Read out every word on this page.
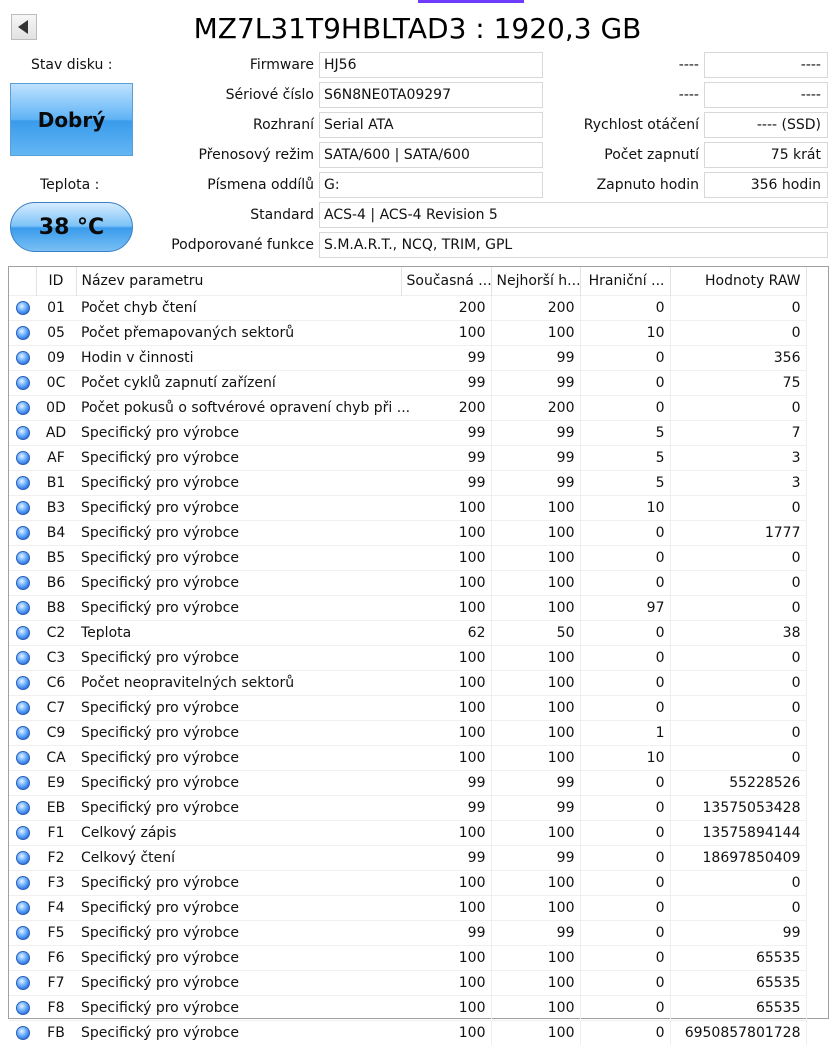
MZ7L31T9HBLTAD3 : 1920,3 GB
Stav disku :
Dobrý
Teplota :
38 °C
Firmware HJ56
Sériové číslo S6N8NE0TA09297
Rozhraní Serial ATA
Přenosový režim SATA/600 | SATA/600
Písmena oddílů G:
Standard ACS-4 | ACS-4 Revision 5
Podporované funkce S.M.A.R.T., NCQ, TRIM, GPL
----	----
----	----
Rychlost otáčení	---- (SSD)
Počet zapnutí	75 krát
Zapnuto hodin	356 hodin
	ID	Název parametru	Současná ...	Nejhorší h...	Hraniční ...	Hodnoty RAW
	01	Počet chyb čtení	200	200	0	0
	05	Počet přemapovaných sektorů	100	100	10	0
	09	Hodin v činnosti	99	99	0	356
	0C	Počet cyklů zapnutí zařízení	99	99	0	75
	0D	Počet pokusů o softvérové opravení chyb při ...	200	200	0	0
	AD	Specifický pro výrobce	99	99	5	7
	AF	Specifický pro výrobce	99	99	5	3
	B1	Specifický pro výrobce	99	99	5	3
	B3	Specifický pro výrobce	100	100	10	0
	B4	Specifický pro výrobce	100	100	0	1777
	B5	Specifický pro výrobce	100	100	0	0
	B6	Specifický pro výrobce	100	100	0	0
	B8	Specifický pro výrobce	100	100	97	0
	C2	Teplota	62	50	0	38
	C3	Specifický pro výrobce	100	100	0	0
	C6	Počet neopravitelných sektorů	100	100	0	0
	C7	Specifický pro výrobce	100	100	0	0
	C9	Specifický pro výrobce	100	100	1	0
	CA	Specifický pro výrobce	100	100	10	0
	E9	Specifický pro výrobce	99	99	0	55228526
	EB	Specifický pro výrobce	99	99	0	13575053428
	F1	Celkový zápis	100	100	0	13575894144
	F2	Celkový čtení	99	99	0	18697850409
	F3	Specifický pro výrobce	100	100	0	0
	F4	Specifický pro výrobce	100	100	0	0
	F5	Specifický pro výrobce	99	99	0	99
	F6	Specifický pro výrobce	100	100	0	65535
	F7	Specifický pro výrobce	100	100	0	65535
	F8	Specifický pro výrobce	100	100	0	65535
	FB	Specifický pro výrobce	100	100	0	6950857801728
